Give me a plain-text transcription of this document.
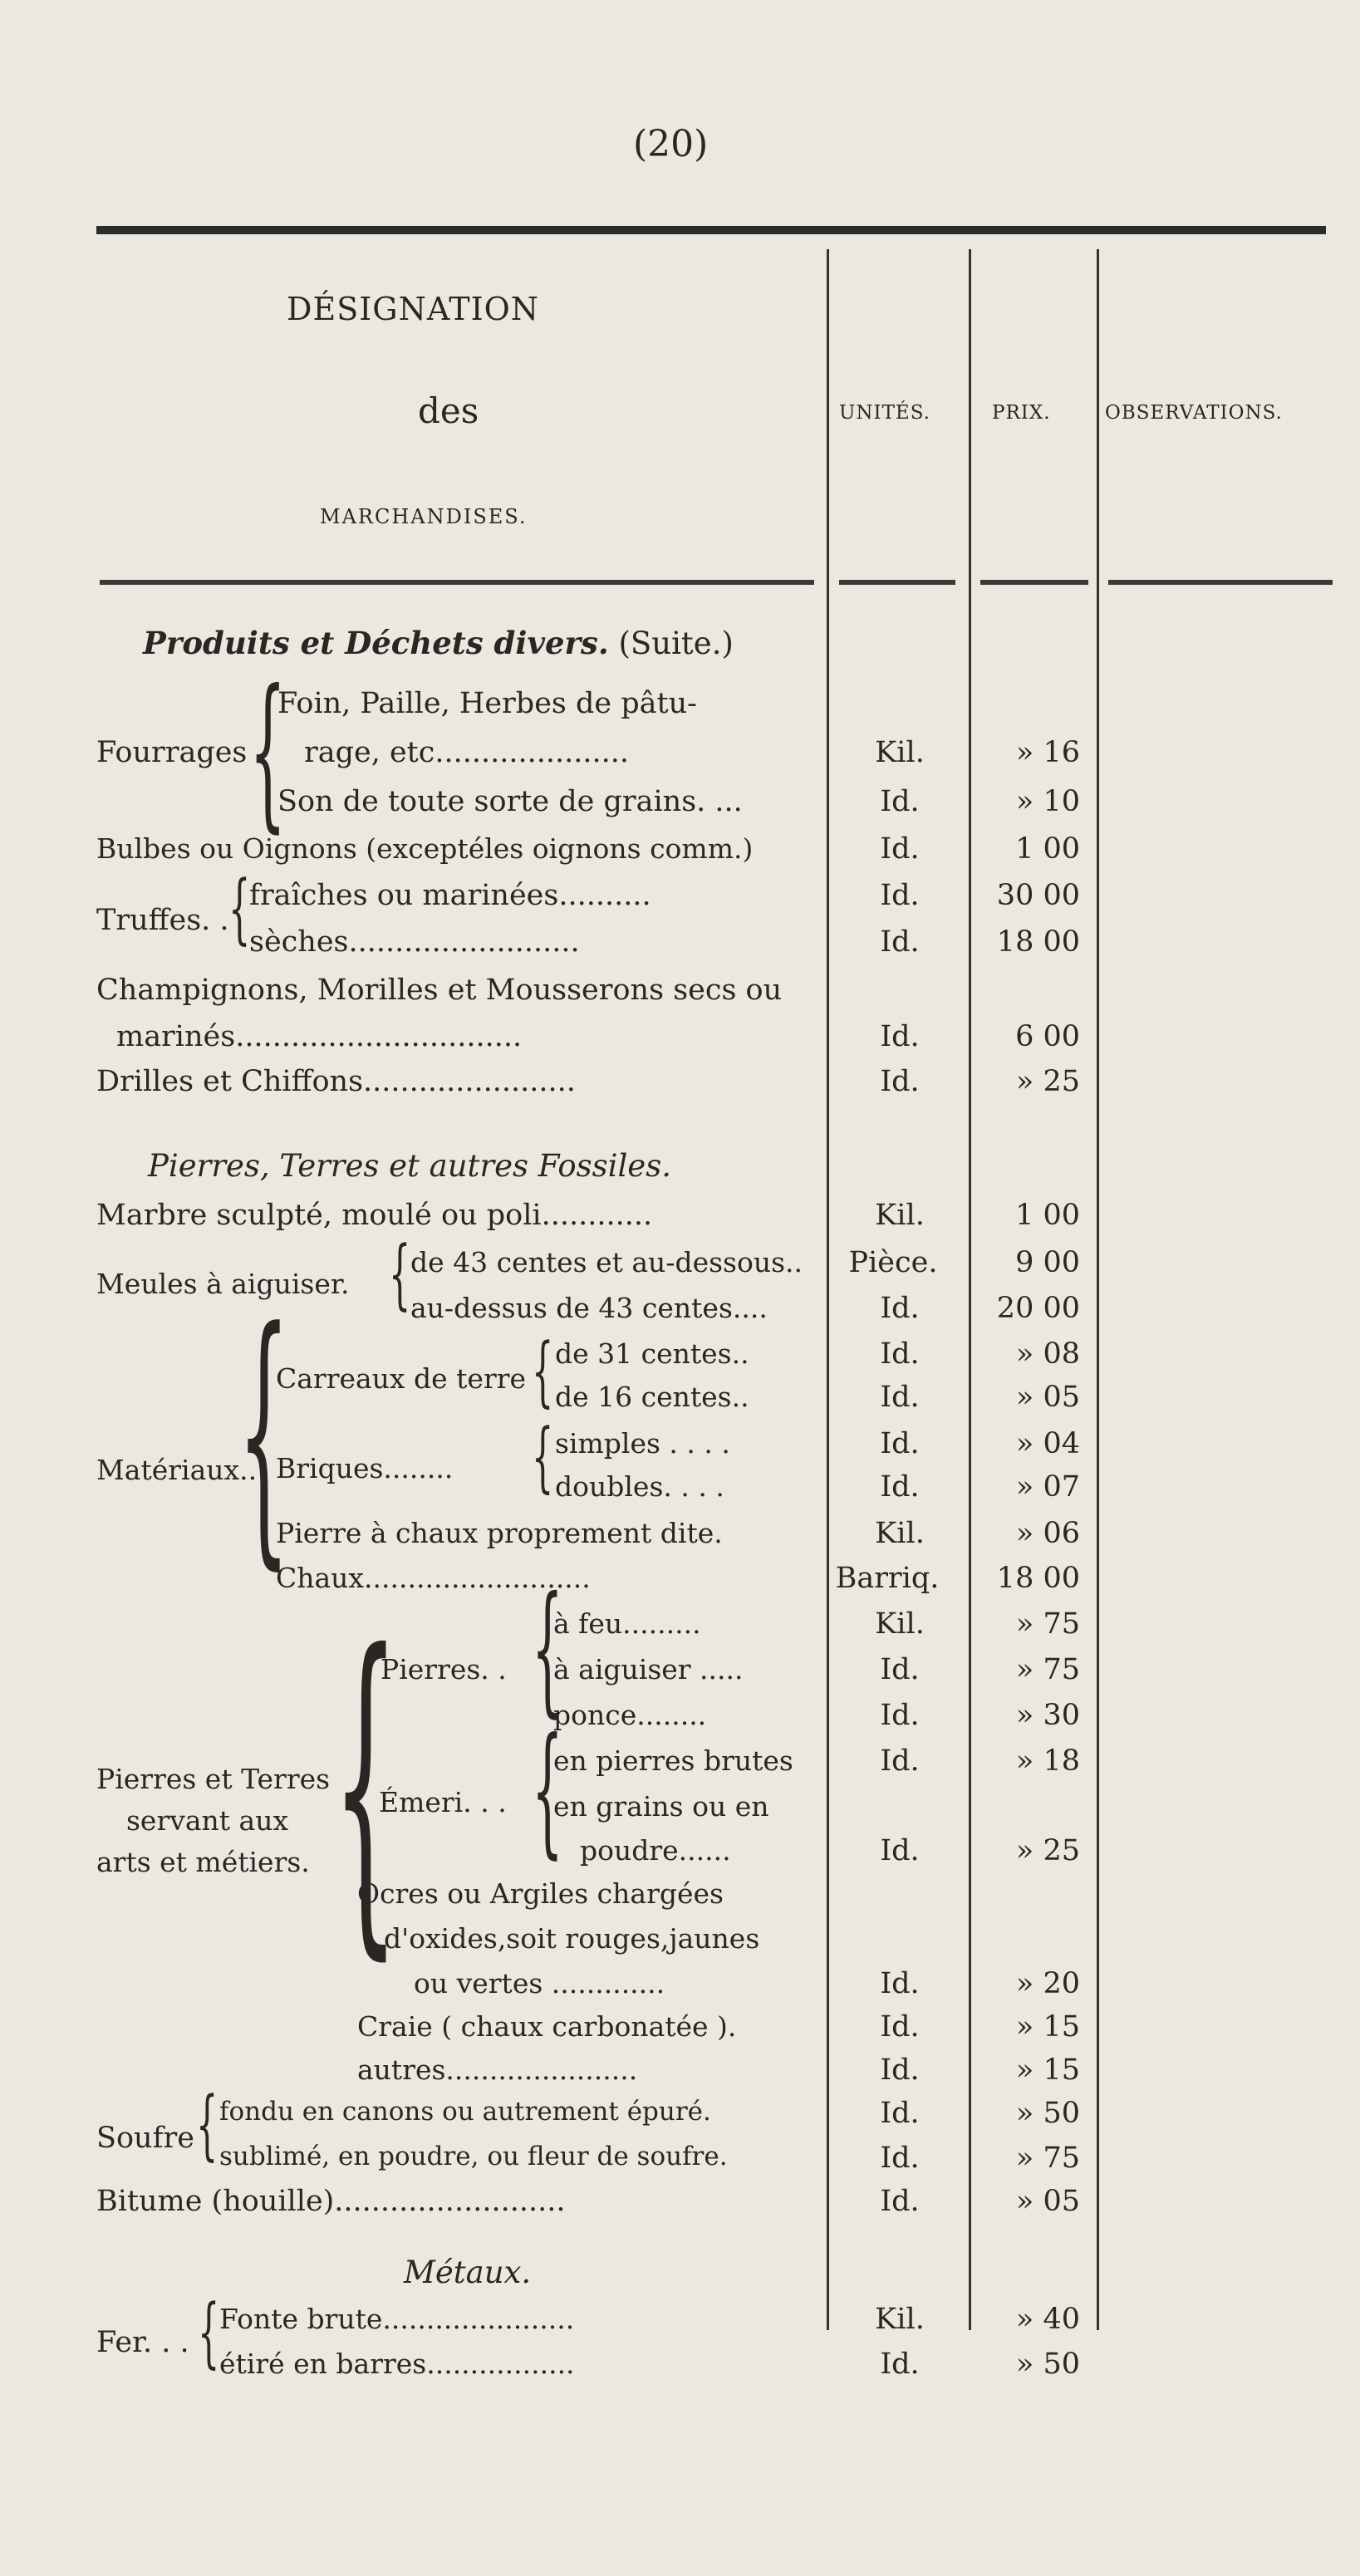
(20)
DÉSIGNATION
des
MARCHANDISES.
UNITÉS.	PRIX.	OBSERVATIONS.
Produits et Déchets divers. (Suite.)
Fourrages {
Foin, Paille, Herbes de pâtu-
rage, etc.....................	Kil.	» 16
Son de toute sorte de grains. ...	Id.	» 10
Bulbes ou Oignons (exceptéles oignons comm.)	Id.	1 00
Truffes. . {
fraîches ou marinées..........	Id.	30 00
sèches.........................	Id.	18 00
Champignons, Morilles et Mousserons secs ou
marinés...............................	Id.	6 00
Drilles et Chiffons.......................	Id.	» 25
Pierres, Terres et autres Fossiles.
Marbre sculpté, moulé ou poli............	Kil.	1 00
Meules à aiguiser. { de 43 centes et au-dessous..	Pièce.	9 00
au-dessus de 43 centes....	Id.	20 00
Matériaux..
{
Carreaux de terre { de 31 centes..	Id.	» 08
de 16 centes..	Id.	» 05
Briques........ { simples . . . .	Id.	» 04
doubles. . . .	Id.	» 07
Pierre à chaux proprement dite.	Kil.	» 06
Chaux..........................	Barriq.	18 00
Pierres et Terres
servant aux
arts et métiers. {
Pierres. . {
à feu.........	Kil.	» 75
à aiguiser .....	Id.	» 75
ponce........	Id.	» 30
Émeri. . . {
en pierres brutes	Id.	» 18
en grains ou en
poudre......	Id.	» 25
Ocres ou Argiles chargées
d'oxides,soit rouges,jaunes
ou vertes .............	Id.	» 20
Craie ( chaux carbonatée ).	Id.	» 15
autres......................	Id.	» 15
Soufre { fondu en canons ou autrement épuré.	Id.	» 50
sublimé, en poudre, ou fleur de soufre.	Id.	» 75
Bitume (houille).........................	Id.	» 05
Métaux.
Fer. . . { Fonte brute......................	Kil.	» 40
étiré en barres.................	Id.	» 50
